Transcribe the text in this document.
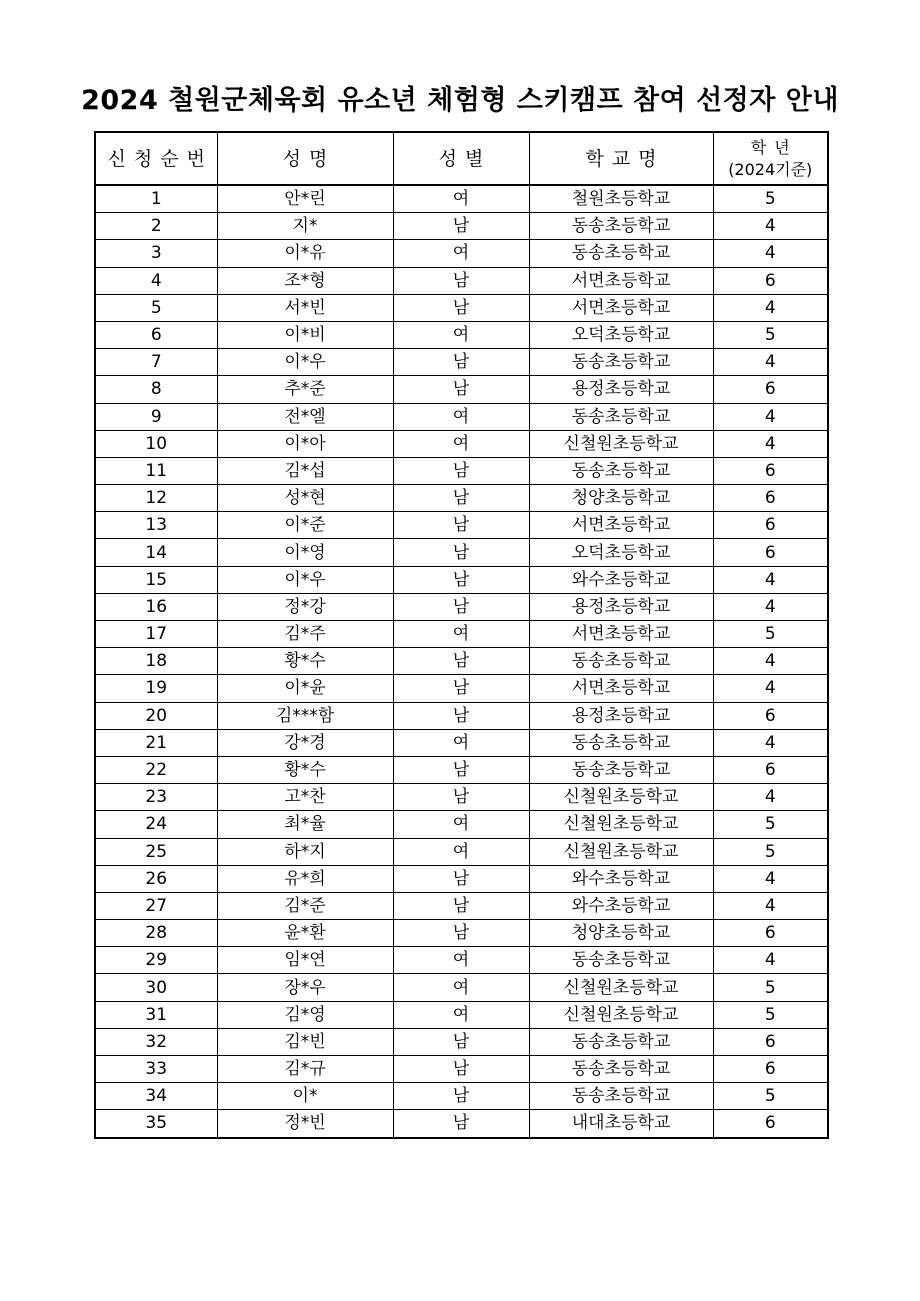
2024 철원군체육회 유소년 체험형 스키캠프 참여 선정자 안내
신청순번	성명	성별	학교명	학년
(2024기준)

1	안*린	여	철원초등학교	5
2	지*	남	동송초등학교	4
3	이*유	여	동송초등학교	4
4	조*형	남	서면초등학교	6
5	서*빈	남	서면초등학교	4
6	이*비	여	오덕초등학교	5
7	이*우	남	동송초등학교	4
8	추*준	남	용정초등학교	6
9	전*엘	여	동송초등학교	4
10	이*아	여	신철원초등학교	4
11	김*섭	남	동송초등학교	6
12	성*현	남	청양초등학교	6
13	이*준	남	서면초등학교	6
14	이*영	남	오덕초등학교	6
15	이*우	남	와수초등학교	4
16	정*강	남	용정초등학교	4
17	김*주	여	서면초등학교	5
18	황*수	남	동송초등학교	4
19	이*윤	남	서면초등학교	4
20	김***함	남	용정초등학교	6
21	강*경	여	동송초등학교	4
22	황*수	남	동송초등학교	6
23	고*찬	남	신철원초등학교	4
24	최*율	여	신철원초등학교	5
25	하*지	여	신철원초등학교	5
26	유*희	남	와수초등학교	4
27	김*준	남	와수초등학교	4
28	윤*환	남	청양초등학교	6
29	임*연	여	동송초등학교	4
30	장*우	여	신철원초등학교	5
31	김*영	여	신철원초등학교	5
32	김*빈	남	동송초등학교	6
33	김*규	남	동송초등학교	6
34	이*	남	동송초등학교	5
35	정*빈	남	내대초등학교	6
